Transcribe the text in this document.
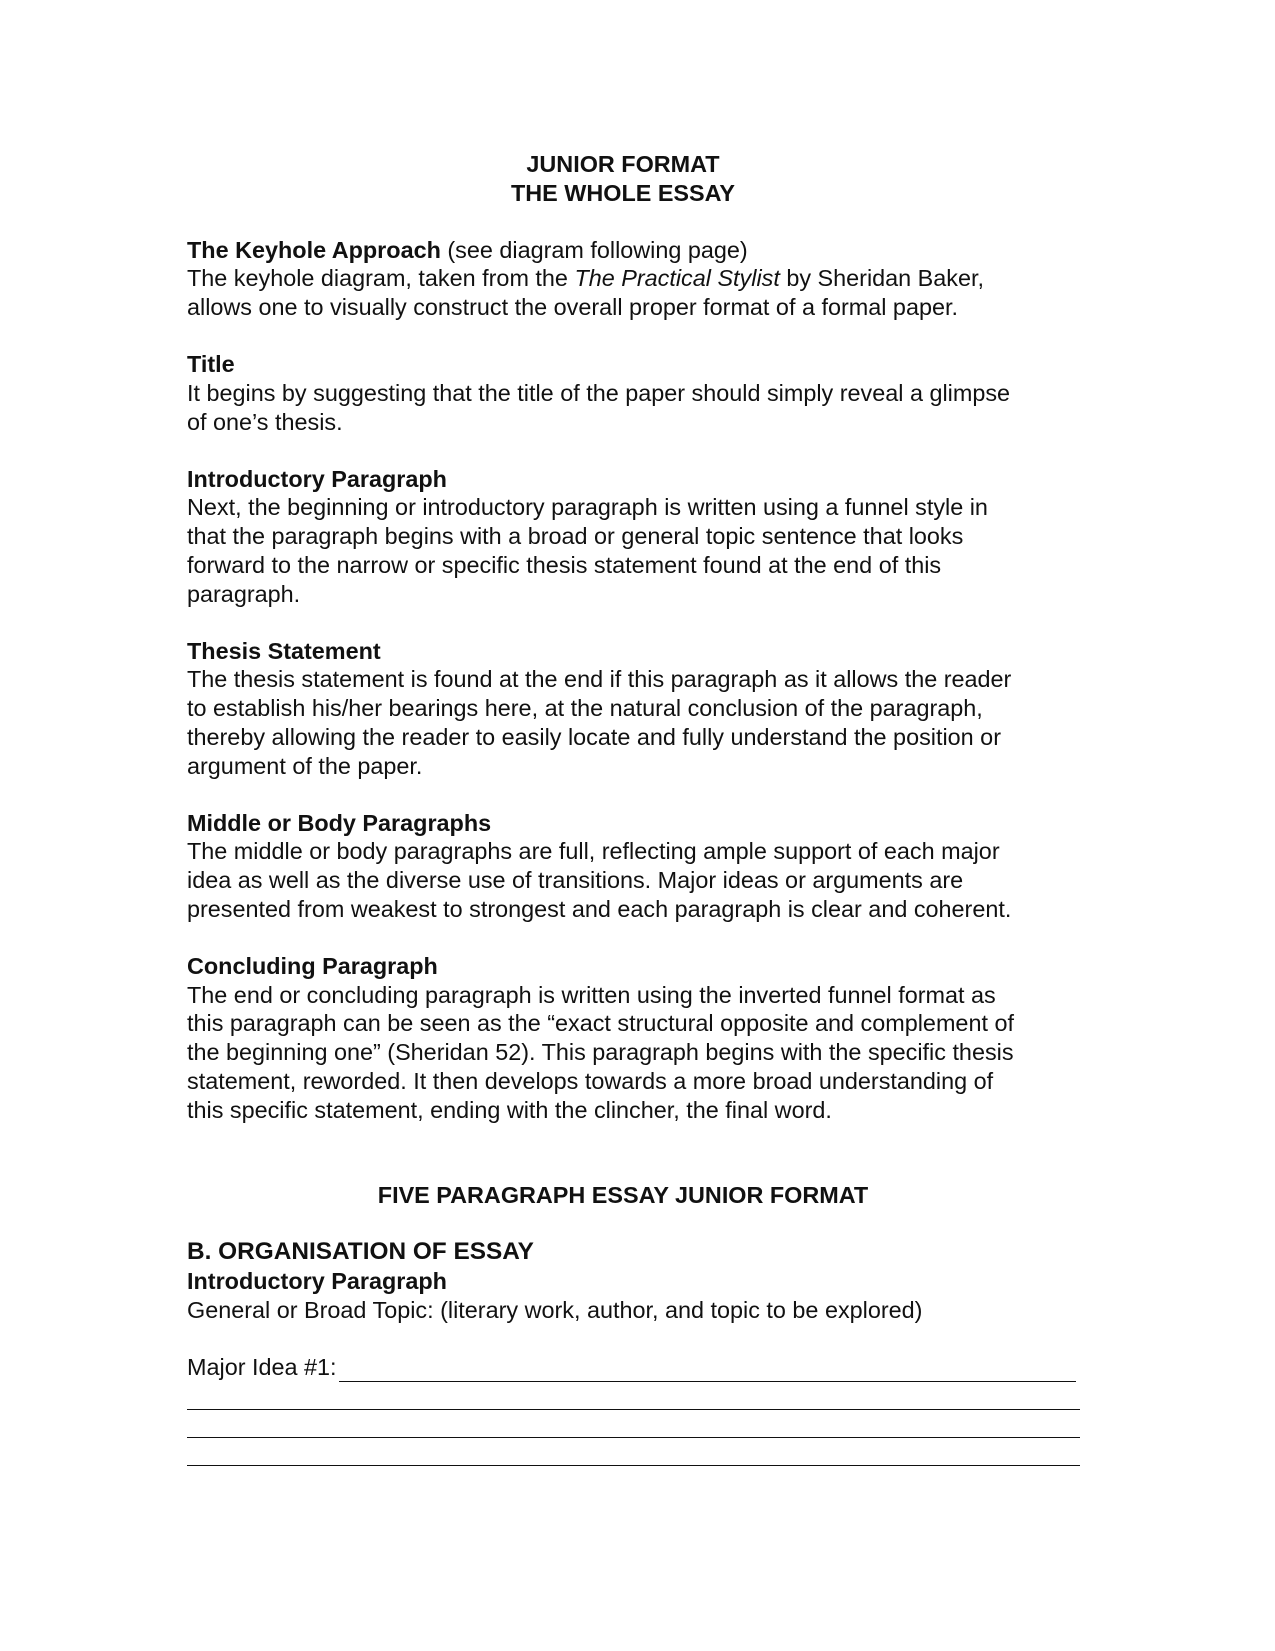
JUNIOR FORMAT
THE WHOLE ESSAY
The Keyhole Approach (see diagram following page)
The keyhole diagram, taken from the The Practical Stylist by Sheridan Baker,
allows one to visually construct the overall proper format of a formal paper.
Title
It begins by suggesting that the title of the paper should simply reveal a glimpse
of one’s thesis.
Introductory Paragraph
Next, the beginning or introductory paragraph is written using a funnel style in
that the paragraph begins with a broad or general topic sentence that looks
forward to the narrow or specific thesis statement found at the end of this
paragraph.
Thesis Statement
The thesis statement is found at the end if this paragraph as it allows the reader
to establish his/her bearings here, at the natural conclusion of the paragraph,
thereby allowing the reader to easily locate and fully understand the position or
argument of the paper.
Middle or Body Paragraphs
The middle or body paragraphs are full, reflecting ample support of each major
idea as well as the diverse use of transitions. Major ideas or arguments are
presented from weakest to strongest and each paragraph is clear and coherent.
Concluding Paragraph
The end or concluding paragraph is written using the inverted funnel format as
this paragraph can be seen as the “exact structural opposite and complement of
the beginning one” (Sheridan 52). This paragraph begins with the specific thesis
statement, reworded. It then develops towards a more broad understanding of
this specific statement, ending with the clincher, the final word.
FIVE PARAGRAPH ESSAY JUNIOR FORMAT
B. ORGANISATION OF ESSAY
Introductory Paragraph
General or Broad Topic: (literary work, author, and topic to be explored)
Major Idea #1:
